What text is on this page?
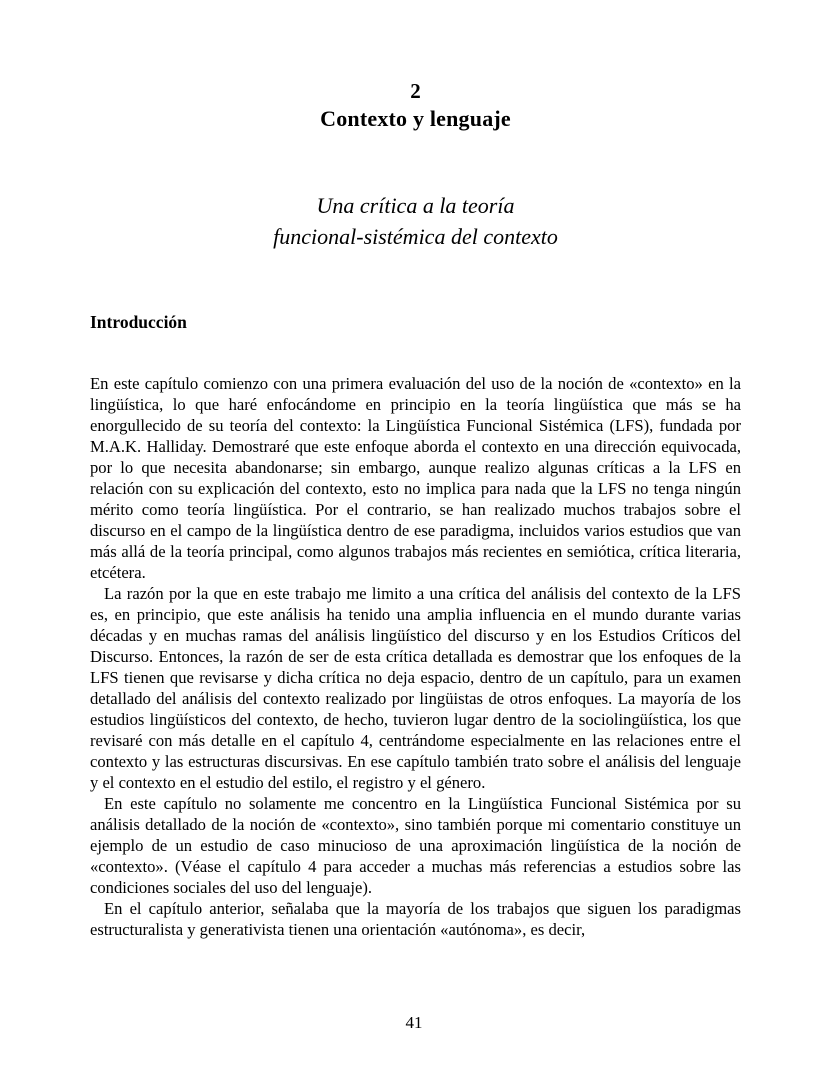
2
Contexto y lenguaje
Una crítica a la teoría
funcional-sistémica del contexto
Introducción

En este capítulo comienzo con una primera evaluación del uso de la noción de «contexto» en la lingüística, lo que haré enfocándome en principio en la teoría lingüística que más se ha enorgullecido de su teoría del contexto: la Lingüística Funcional Sistémica (LFS), fundada por M.A.K. Halliday. Demostraré que este enfoque aborda el contexto en una dirección equivocada, por lo que necesita abandonarse; sin embargo, aunque realizo algunas críticas a la LFS en relación con su explicación del contexto, esto no implica para nada que la LFS no tenga ningún mérito como teoría lingüística. Por el contrario, se han realizado muchos trabajos sobre el discurso en el campo de la lingüística dentro de ese paradigma, incluidos varios estudios que van más allá de la teoría principal, como algunos trabajos más recientes en semiótica, crítica literaria, etcétera.

La razón por la que en este trabajo me limito a una crítica del análisis del contexto de la LFS es, en principio, que este análisis ha tenido una amplia influencia en el mundo durante varias décadas y en muchas ramas del análisis lingüístico del discurso y en los Estudios Críticos del Discurso. Entonces, la razón de ser de esta crítica detallada es demostrar que los enfoques de la LFS tienen que revisarse y dicha crítica no deja espacio, dentro de un capítulo, para un examen detallado del análisis del contexto realizado por lingüistas de otros enfoques. La mayoría de los estudios lingüísticos del contexto, de hecho, tuvieron lugar dentro de la sociolingüística, los que revisaré con más detalle en el capítulo 4, centrándome especialmente en las relaciones entre el contexto y las estructuras discursivas. En ese capítulo también trato sobre el análisis del lenguaje y el contexto en el estudio del estilo, el registro y el género.

En este capítulo no solamente me concentro en la Lingüística Funcional Sistémica por su análisis detallado de la noción de «contexto», sino también porque mi comentario constituye un ejemplo de un estudio de caso minucioso de una aproximación lingüística de la noción de «contexto». (Véase el capítulo 4 para acceder a muchas más referencias a estudios sobre las condiciones sociales del uso del lenguaje).

En el capítulo anterior, señalaba que la mayoría de los trabajos que siguen los paradigmas estructuralista y generativista tienen una orientación «autónoma», es decir,

41
